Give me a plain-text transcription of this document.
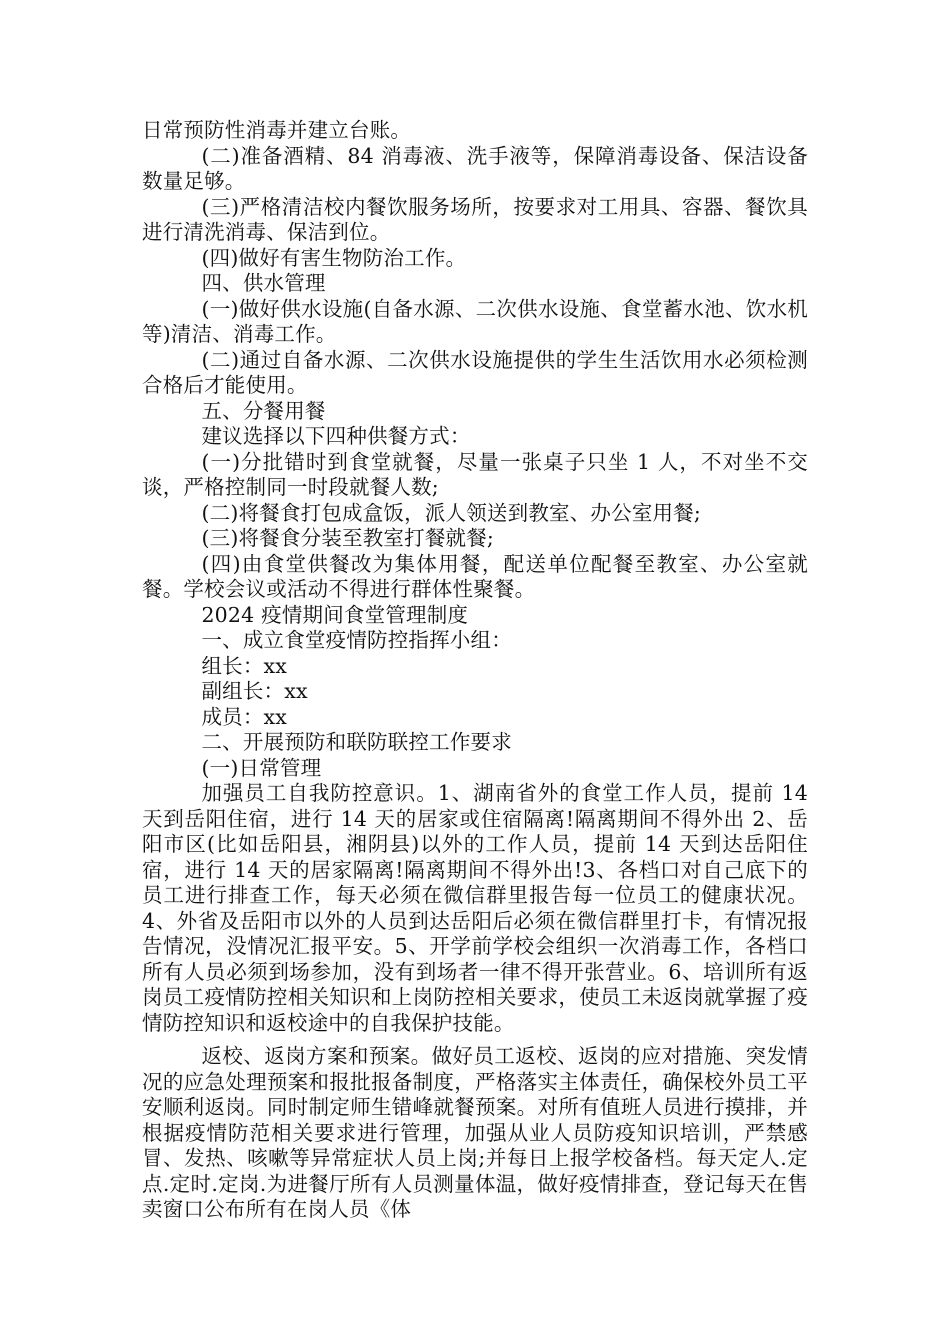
日常预防性消毒并建立台账。

(二)准备酒精、84 消毒液、洗手液等，保障消毒设备、保洁设备数量足够。

(三)严格清洁校内餐饮服务场所，按要求对工用具、容器、餐饮具进行清洗消毒、保洁到位。

(四)做好有害生物防治工作。

四、供水管理

(一)做好供水设施(自备水源、二次供水设施、食堂蓄水池、饮水机等)清洁、消毒工作。

(二)通过自备水源、二次供水设施提供的学生生活饮用水必须检测合格后才能使用。

五、分餐用餐

建议选择以下四种供餐方式：

(一)分批错时到食堂就餐，尽量一张桌子只坐 1 人，不对坐不交谈，严格控制同一时段就餐人数;

(二)将餐食打包成盒饭，派人领送到教室、办公室用餐;

(三)将餐食分装至教室打餐就餐;

(四)由食堂供餐改为集体用餐，配送单位配餐至教室、办公室就餐。学校会议或活动不得进行群体性聚餐。

2024 疫情期间食堂管理制度

一、成立食堂疫情防控指挥小组：

组长：xx

副组长：xx

成员：xx

二、开展预防和联防联控工作要求

(一)日常管理

加强员工自我防控意识。1、湖南省外的食堂工作人员，提前 14 天到岳阳住宿，进行 14 天的居家或住宿隔离!隔离期间不得外出 2、岳阳市区(比如岳阳县，湘阴县)以外的工作人员，提前 14 天到达岳阳住宿，进行 14 天的居家隔离!隔离期间不得外出!3、各档口对自己底下的员工进行排查工作，每天必须在微信群里报告每一位员工的健康状况。4、外省及岳阳市以外的人员到达岳阳后必须在微信群里打卡，有情况报告情况，没情况汇报平安。5、开学前学校会组织一次消毒工作，各档口所有人员必须到场参加，没有到场者一律不得开张营业。6、培训所有返岗员工疫情防控相关知识和上岗防控相关要求，使员工未返岗就掌握了疫情防控知识和返校途中的自我保护技能。

返校、返岗方案和预案。做好员工返校、返岗的应对措施、突发情况的应急处理预案和报批报备制度，严格落实主体责任，确保校外员工平安顺利返岗。同时制定师生错峰就餐预案。对所有值班人员进行摸排，并根据疫情防范相关要求进行管理，加强从业人员防疫知识培训，严禁感冒、发热、咳嗽等异常症状人员上岗;并每日上报学校备档。每天定人.定点.定时.定岗.为进餐厅所有人员测量体温，做好疫情排查，登记每天在售卖窗口公布所有在岗人员《体
